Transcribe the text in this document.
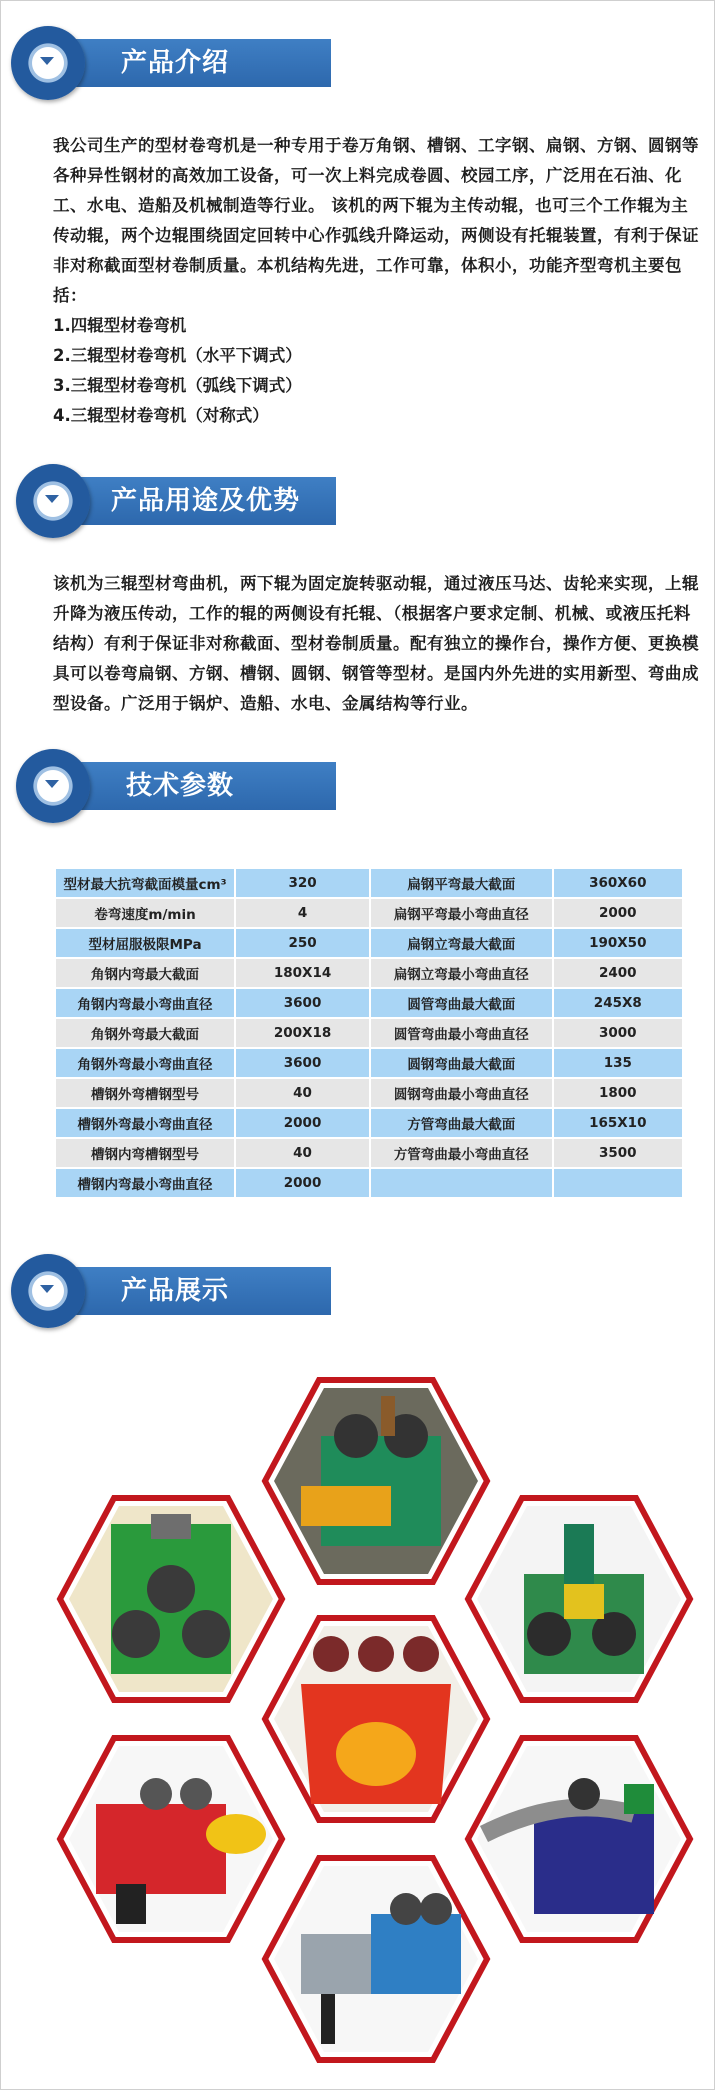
产品介绍

我公司生产的型材卷弯机是一种专用于卷万角钢、槽钢、工字钢、扁钢、方钢、圆钢等各种异性钢材的高效加工设备，可一次上料完成卷圆、校园工序，广泛用在石油、化工、水电、造船及机械制造等行业。 该机的两下辊为主传动辊，也可三个工作辊为主传动辊，两个边辊围绕固定回转中心作弧线升降运动，两侧设有托辊装置，有利于保证非对称截面型材卷制质量。本机结构先进，工作可靠，体积小，功能齐型弯机主要包括：

1.四辊型材卷弯机
2.三辊型材卷弯机（水平下调式）
3.三辊型材卷弯机（弧线下调式）
4.三辊型材卷弯机（对称式）
产品用途及优势

该机为三辊型材弯曲机，两下辊为固定旋转驱动辊，通过液压马达、齿轮来实现，上辊升降为液压传动，工作的辊的两侧设有托辊、（根据客户要求定制、机械、或液压托料结构）有利于保证非对称截面、型材卷制质量。配有独立的操作台，操作方便、更换模具可以卷弯扁钢、方钢、槽钢、圆钢、钢管等型材。是国内外先进的实用新型、弯曲成型设备。广泛用于锅炉、造船、水电、金属结构等行业。

技术参数
型材最大抗弯截面模量cm³	320	扁钢平弯最大截面	360X60
卷弯速度m/min	4	扁钢平弯最小弯曲直径	2000
型材屈服极限MPa	250	扁钢立弯最大截面	190X50
角钢内弯最大截面	180X14	扁钢立弯最小弯曲直径	2400
角钢内弯最小弯曲直径	3600	圆管弯曲最大截面	245X8
角钢外弯最大截面	200X18	圆管弯曲最小弯曲直径	3000
角钢外弯最小弯曲直径	3600	圆钢弯曲最大截面	135
槽钢外弯槽钢型号	40	圆钢弯曲最小弯曲直径	1800
槽钢外弯最小弯曲直径	2000	方管弯曲最大截面	165X10
槽钢内弯槽钢型号	40	方管弯曲最小弯曲直径	3500
槽钢内弯最小弯曲直径	2000		
产品展示
